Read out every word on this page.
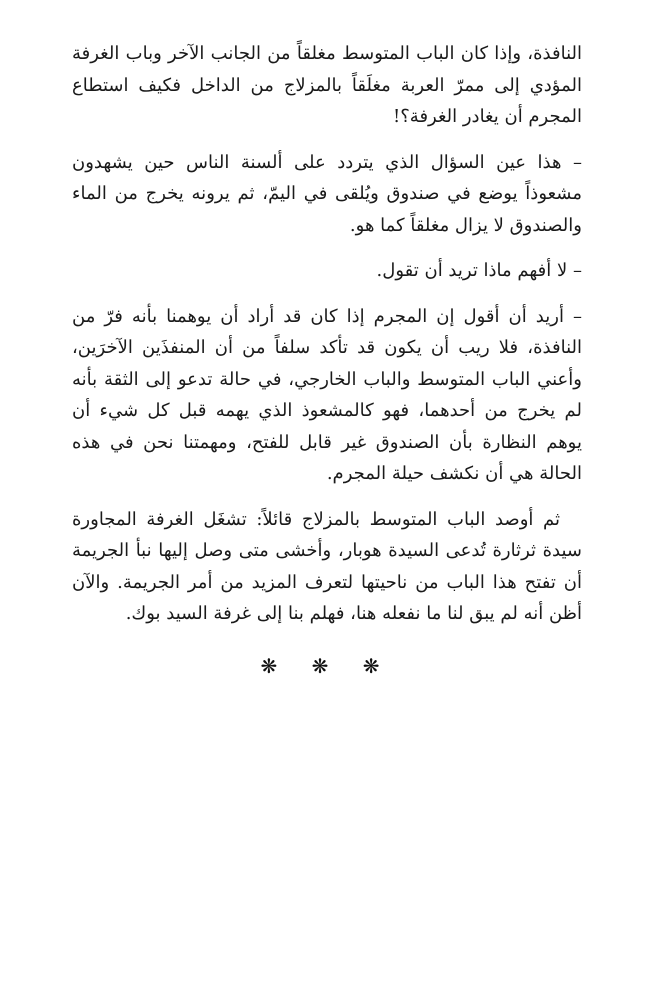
النافذة، وإذا كان الباب المتوسط مغلقاً من الجانب الآخر وباب الغرفة المؤدي إلى ممرّ العربة مغلَقاً بالمزلاج من الداخل فكيف استطاع المجرم أن يغادر الغرفة؟!

– هذا عين السؤال الذي يتردد على ألسنة الناس حين يشهدون مشعوذاً يوضع في صندوق ويُلقى في اليمّ، ثم يرونه يخرج من الماء والصندوق لا يزال مغلقاً كما هو.

– لا أفهم ماذا تريد أن تقول.

– أريد أن أقول إن المجرم إذا كان قد أراد أن يوهمنا بأنه فرّ من النافذة، فلا ريب أن يكون قد تأكد سلفاً من أن المنفذَين الآخرَين، وأعني الباب المتوسط والباب الخارجي، في حالة تدعو إلى الثقة بأنه لم يخرج من أحدهما، فهو كالمشعوذ الذي يهمه قبل كل شيء أن يوهم النظارة بأن الصندوق غير قابل للفتح، ومهمتنا نحن في هذه الحالة هي أن نكشف حيلة المجرم.

ثم أوصد الباب المتوسط بالمزلاج قائلاً: تشغَل الغرفة المجاورة سيدة ثرثارة تُدعى السيدة هوبار، وأخشى متى وصل إليها نبأ الجريمة أن تفتح هذا الباب من ناحيتها لتعرف المزيد من أمر الجريمة. والآن أظن أنه لم يبق لنا ما نفعله هنا، فهلم بنا إلى غرفة السيد بوك.

❋ ❋ ❋
